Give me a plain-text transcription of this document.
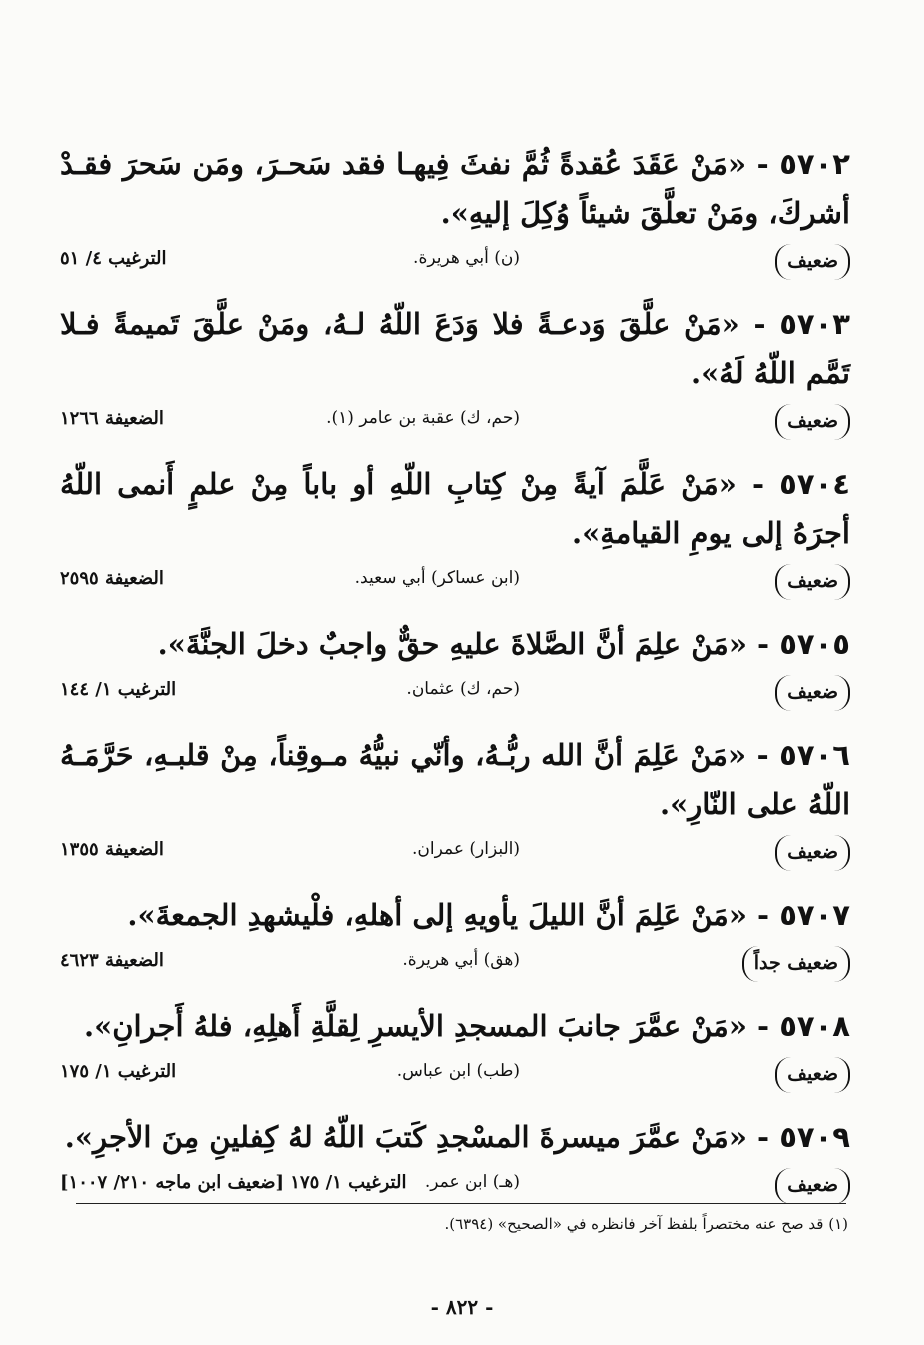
٥٧٠٢ - «مَنْ عَقَدَ عُقدةً ثُمَّ نفثَ فِيهـا فقد سَحـرَ، ومَن سَحرَ فقـدْ أشركَ، ومَنْ تعلَّقَ شيئاً وُكِلَ إليهِ».

ضعيف
(ن) أبي هريرة.
الترغيب ٤/ ٥١

٥٧٠٣ - «مَنْ علَّقَ وَدعـةً فلا وَدَعَ اللّهُ لـهُ، ومَنْ علَّقَ تَميمةً فـلا تَمَّم اللّهُ لَهُ».

ضعيف
(حم، ك) عقبة بن عامر (١).
الضعيفة ١٢٦٦

٥٧٠٤ - «مَنْ عَلَّمَ آيةً مِنْ كِتابِ اللّهِ أو باباً مِنْ علمٍ أَنمى اللّهُ أجرَهُ إلى يومِ القيامةِ».

ضعيف
(ابن عساكر) أبي سعيد.
الضعيفة ٢٥٩٥

٥٧٠٥ - «مَنْ علِمَ أنَّ الصَّلاةَ عليهِ حقٌّ واجبٌ دخلَ الجنَّةَ».

ضعيف
(حم، ك) عثمان.
الترغيب ١/ ١٤٤

٥٧٠٦ - «مَنْ عَلِمَ أنَّ الله ربُّـهُ، وأنّي نبيُّهُ مـوقِناً، مِنْ قلبـهِ، حَرَّمَـهُ اللّهُ على النّارِ».

ضعيف
(البزار) عمران.
الضعيفة ١٣٥٥

٥٧٠٧ - «مَنْ عَلِمَ أنَّ الليلَ يأويهِ إلى أهلهِ، فلْيشهدِ الجمعةَ».

ضعيف جداً
(هق) أبي هريرة.
الضعيفة ٤٦٢٣

٥٧٠٨ - «مَنْ عمَّرَ جانبَ المسجدِ الأيسرِ لِقلَّةِ أَهلِهِ، فلهُ أَجرانِ».

ضعيف
(طب) ابن عباس.
الترغيب ١/ ١٧٥

٥٧٠٩ - «مَنْ عمَّرَ ميسرةَ المسْجدِ كَتبَ اللّهُ لهُ كِفلينِ مِنَ الأجرِ».

ضعيف
(هـ) ابن عمر.
الترغيب ١/ ١٧٥ [ضعيف ابن ماجه ٢١٠/ ١٠٠٧]
(١) قد صح عنه مختصراً بلفظ آخر فانظره في «الصحيح» (٦٣٩٤).
- ٨٢٢ -
